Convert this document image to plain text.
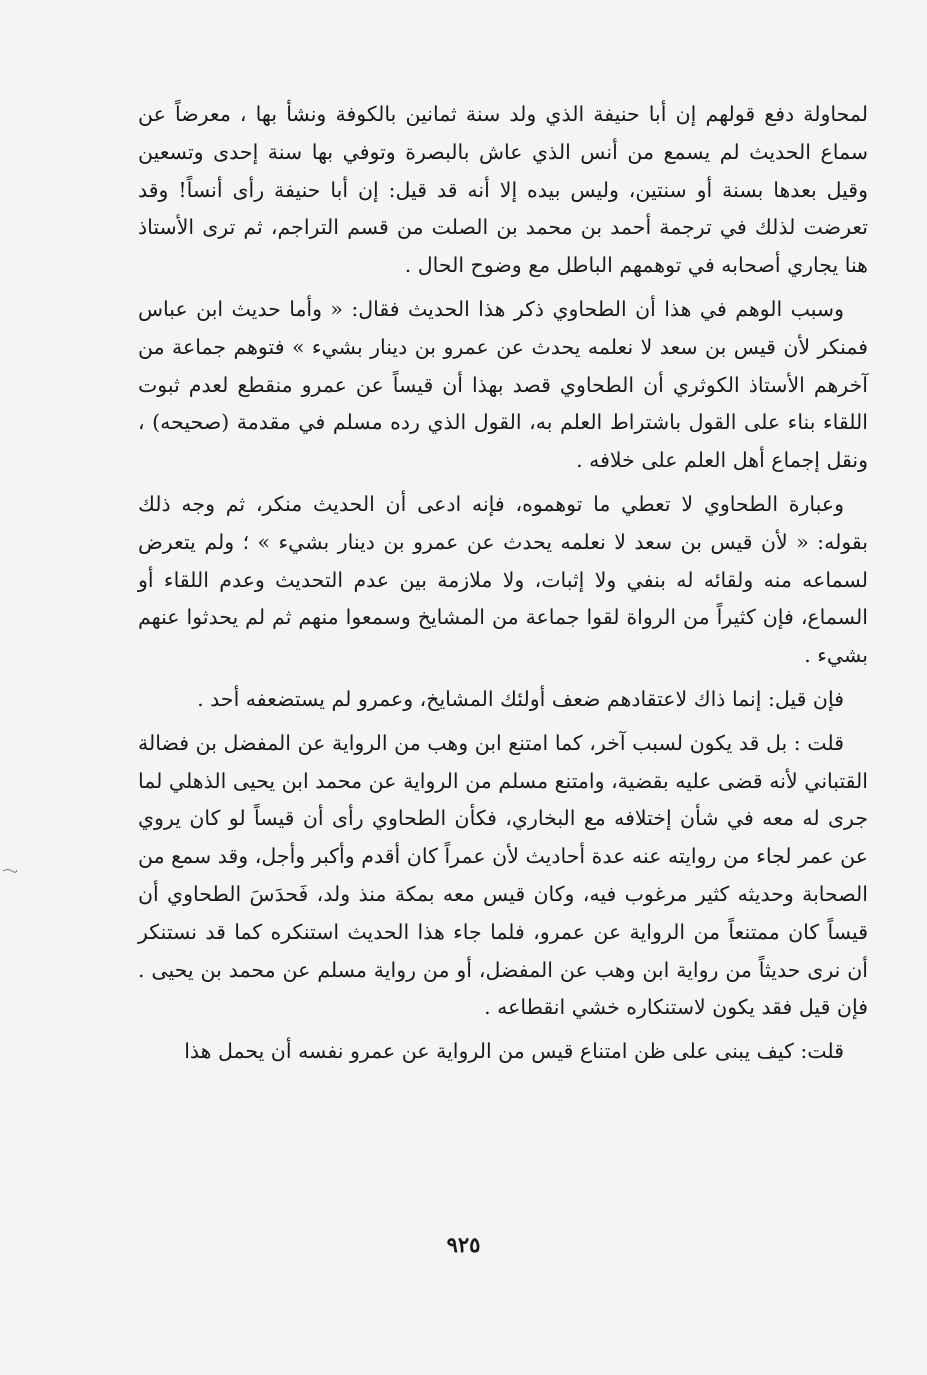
لمحاولة دفع قولهم إن أبا حنيفة الذي ولد سنة ثمانين بالكوفة ونشأ بها ، معرضاً عن سماع الحديث لم يسمع من أنس الذي عاش بالبصرة وتوفي بها سنة إحدى وتسعين وقيل بعدها بسنة أو سنتين، وليس بيده إلا أنه قد قيل: إن أبا حنيفة رأى أنساً! وقد تعرضت لذلك في ترجمة أحمد بن محمد بن الصلت من قسم التراجم، ثم ترى الأستاذ هنا يجاري أصحابه في توهمهم الباطل مع وضوح الحال .

وسبب الوهم في هذا أن الطحاوي ذكر هذا الحديث فقال: « وأما حديث ابن عباس فمنكر لأن قيس بن سعد لا نعلمه يحدث عن عمرو بن دينار بشيء » فتوهم جماعة من آخرهم الأستاذ الكوثري أن الطحاوي قصد بهذا أن قيساً عن عمرو منقطع لعدم ثبوت اللقاء بناء على القول باشتراط العلم به، القول الذي رده مسلم في مقدمة (صحيحه) ، ونقل إجماع أهل العلم على خلافه .

وعبارة الطحاوي لا تعطي ما توهموه، فإنه ادعى أن الحديث منكر، ثم وجه ذلك بقوله: « لأن قيس بن سعد لا نعلمه يحدث عن عمرو بن دينار بشيء » ؛ ولم يتعرض لسماعه منه ولقائه له بنفي ولا إثبات، ولا ملازمة بين عدم التحديث وعدم اللقاء أو السماع، فإن كثيراً من الرواة لقوا جماعة من المشايخ وسمعوا منهم ثم لم يحدثوا عنهم بشيء .

فإن قيل: إنما ذاك لاعتقادهم ضعف أولئك المشايخ، وعمرو لم يستضعفه أحد .

قلت : بل قد يكون لسبب آخر، كما امتنع ابن وهب من الرواية عن المفضل بن فضالة القتباني لأنه قضى عليه بقضية، وامتنع مسلم من الرواية عن محمد ابن يحيى الذهلي لما جرى له معه في شأن إختلافه مع البخاري، فكأن الطحاوي رأى أن قيساً لو كان يروي عن عمر لجاء من روايته عنه عدة أحاديث لأن عمراً كان أقدم وأكبر وأجل، وقد سمع من الصحابة وحديثه كثير مرغوب فيه، وكان قيس معه بمكة منذ ولد، فَحدَسَ الطحاوي أن قيساً كان ممتنعاً من الرواية عن عمرو، فلما جاء هذا الحديث استنكره كما قد نستنكر أن نرى حديثاً من رواية ابن وهب عن المفضل، أو من رواية مسلم عن محمد بن يحيى . فإن قيل فقد يكون لاستنكاره خشي انقطاعه .

قلت: كيف يبنى على ظن امتناع قيس من الرواية عن عمرو نفسه أن يحمل هذا

٩٢٥
